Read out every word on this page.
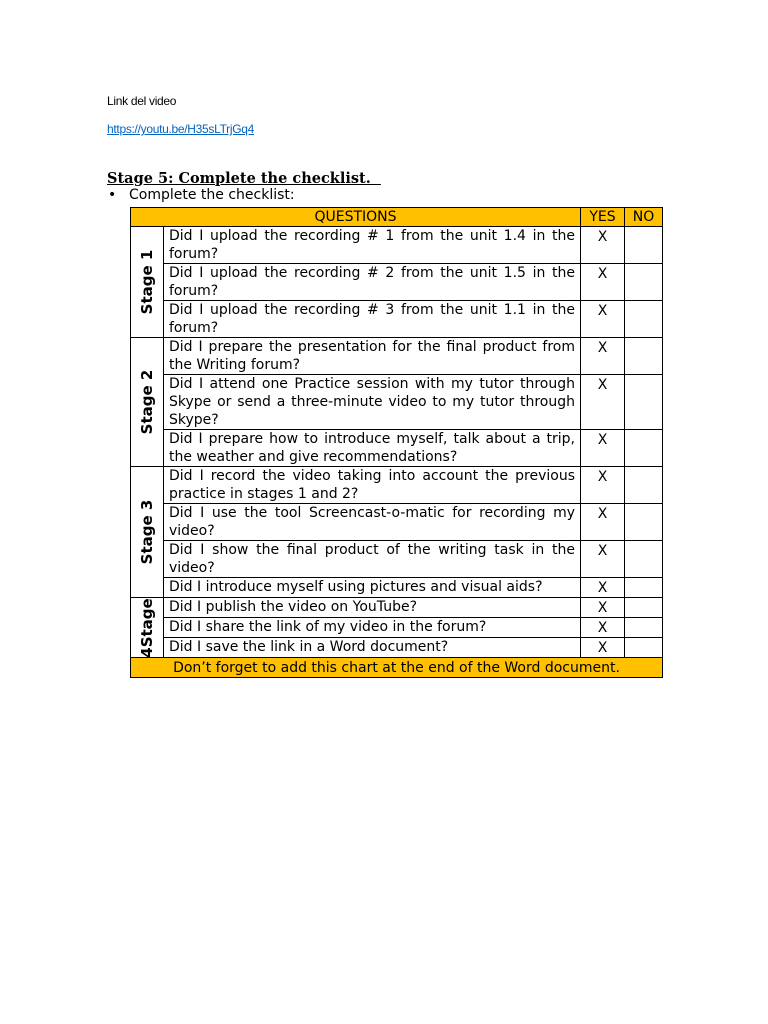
Link del video
https://youtu.be/H35sLTrjGq4
Stage 5: Complete the checklist.
• Complete the checklist:
QUESTIONS		YES	NO

Stage 1	Did I upload the recording # 1 from the unit 1.4 in the forum?	X	
	Did I upload the recording # 2 from the unit 1.5 in the forum?	X	
	Did I upload the recording # 3 from the unit 1.1 in the forum?	X	

Stage 2	Did I prepare the presentation for the final product from the Writing forum?	X	
	Did I attend one Practice session with my tutor through Skype or send a three-minute video to my tutor through Skype?	X	
	Did I prepare how to introduce myself, talk about a trip, the weather and give recommendations?	X	

Stage 3	Did I record the video taking into account the previous practice in stages 1 and 2?	X	
	Did I use the tool Screencast-o-matic for recording my video?	X	
	Did I show the final product of the writing task in the video?	X	
	Did I introduce myself using pictures and visual aids?	X	

4Stage	Did I publish the video on YouTube?	X	
	Did I share the link of my video in the forum?	X	
	Did I save the link in a Word document?	X	
Don’t forget to add this chart at the end of the Word document.			
